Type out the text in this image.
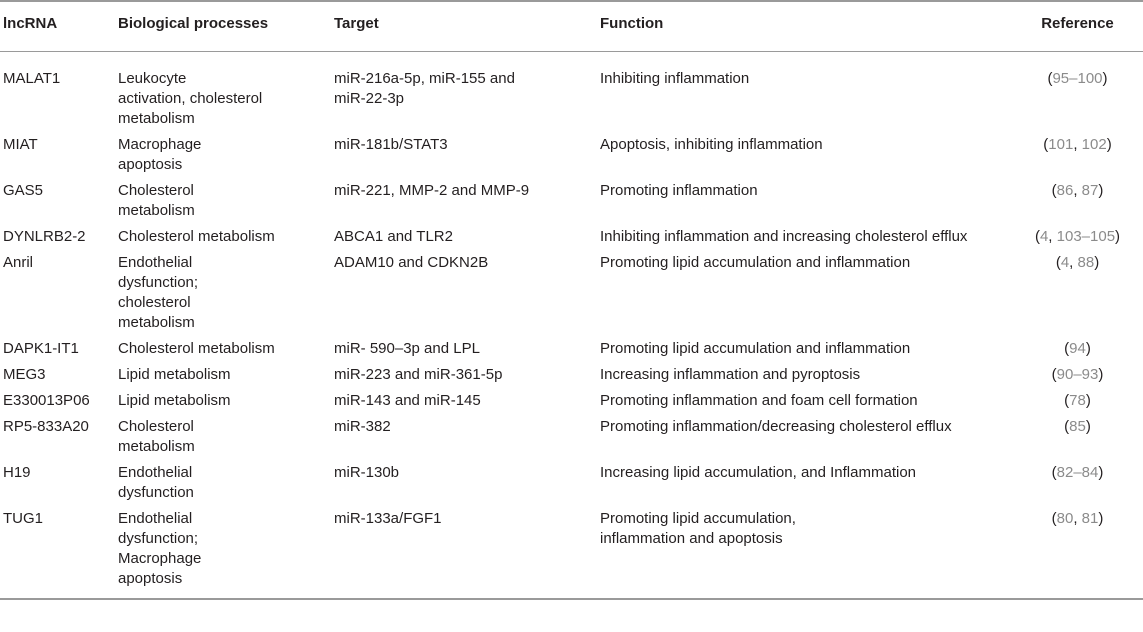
lncRNA	Biological processes	Target	Function	Reference
MALAT1	Leukocyte
activation, cholesterol
metabolism	miR-216a-5p, miR-155 and
miR-22-3p	Inhibiting inflammation	(95–100)
MIAT	Macrophage
apoptosis	miR-181b/STAT3	Apoptosis, inhibiting inflammation	(101, 102)
GAS5	Cholesterol
metabolism	miR-221, MMP-2 and MMP-9	Promoting inflammation	(86, 87)
DYNLRB2-2	Cholesterol metabolism	ABCA1 and TLR2	Inhibiting inflammation and increasing cholesterol efflux	(4, 103–105)
Anril	Endothelial
dysfunction;
cholesterol
metabolism	ADAM10 and CDKN2B	Promoting lipid accumulation and inflammation	(4, 88)
DAPK1-IT1	Cholesterol metabolism	miR- 590–3p and LPL	Promoting lipid accumulation and inflammation	(94)
MEG3	Lipid metabolism	miR-223 and miR-361-5p	Increasing inflammation and pyroptosis	(90–93)
E330013P06	Lipid metabolism	miR-143 and miR-145	Promoting inflammation and foam cell formation	(78)
RP5-833A20	Cholesterol
metabolism	miR-382	Promoting inflammation/decreasing cholesterol efflux	(85)
H19	Endothelial
dysfunction	miR-130b	Increasing lipid accumulation, and Inflammation	(82–84)
TUG1	Endothelial
dysfunction;
Macrophage
apoptosis	miR-133a/FGF1	Promoting lipid accumulation,
inflammation and apoptosis	(80, 81)
